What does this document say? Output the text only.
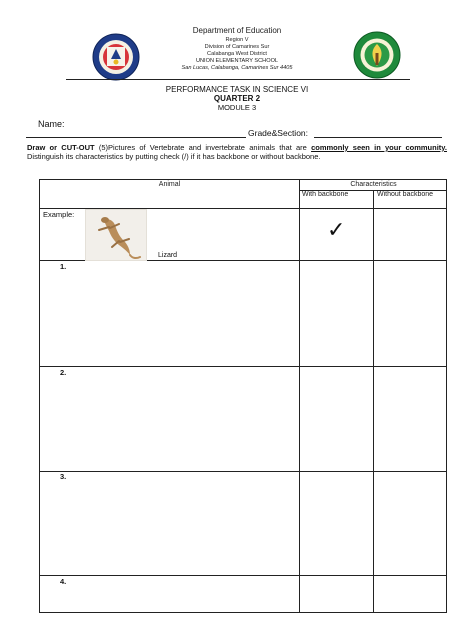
Department of Education
Region V
Division of Camarines Sur
Calabanga West District
UNION ELEMENTARY SCHOOL
San Lucas, Calabanga, Camarines Sur 4405
PERFORMANCE TASK IN SCIENCE VI
QUARTER 2
MODULE 3
Name:
Grade&Section:
Draw or CUT-OUT (5)Pictures of Vertebrate and invertebrate animals that are commonly seen in your community. Distinguish its characteristics by putting check (/) if it has backbone or without backbone.
Animal	Characteristics
With backbone	Without backbone
Example:
Lizard
✓
1.
2.
3.
4.
